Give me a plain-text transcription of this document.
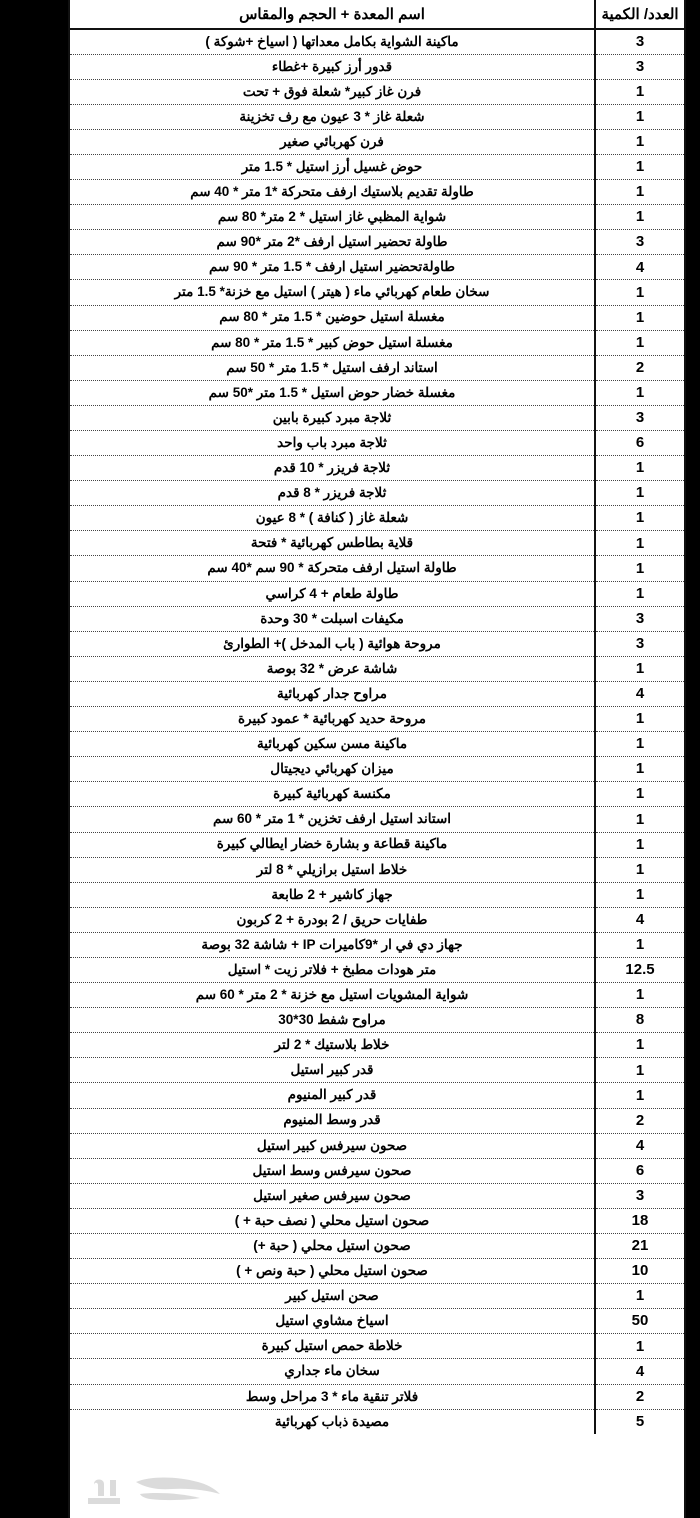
العدد/ الكمية	اسم المعدة + الحجم والمقاس
3	ماكينة الشواية بكامل معداتها ( اسياخ +شوكة )
3	قدور أرز كبيرة +غطاء
1	فرن غاز كبير* شعلة فوق + تحت
1	شعلة غاز * 3 عيون مع رف تخزينة
1	فرن كهربائي صغير
1	حوض غسيل أرز استيل * 1.5 متر
1	طاولة تقديم بلاستيك ارفف متحركة *1 متر * 40 سم
1	شواية المظبي غاز استيل * 2 متر* 80 سم
3	طاولة تحضير استيل ارفف *2 متر *90 سم
4	طاولةتحضير استيل ارفف * 1.5 متر * 90 سم
1	سخان طعام كهربائي ماء ( هيتر ) استيل مع خزنة* 1.5 متر
1	مغسلة استيل حوضين * 1.5 متر * 80 سم
1	مغسلة استيل حوض كبير * 1.5 متر * 80 سم
2	استاند ارفف استيل * 1.5 متر * 50 سم
1	مغسلة خضار حوض استيل * 1.5 متر *50 سم
3	ثلاجة مبرد كبيرة بابين
6	ثلاجة مبرد باب واحد
1	ثلاجة فريزر * 10 قدم
1	ثلاجة فريزر * 8 قدم
1	شعلة غاز ( كنافة ) * 8 عيون
1	قلاية بطاطس كهربائية * فتحة
1	طاولة استيل ارفف متحركة * 90 سم *40 سم
1	طاولة طعام + 4 كراسي
3	مكيفات اسبلت * 30 وحدة
3	مروحة هوائية ( باب المدخل )+ الطوارئ
1	شاشة عرض * 32 بوصة
4	مراوح جدار كهربائية
1	مروحة حديد كهربائية * عمود كبيرة
1	ماكينة مسن سكين كهربائية
1	ميزان كهربائي ديجيتال
1	مكنسة كهربائية كبيرة
1	استاند استيل ارفف تخزين * 1 متر * 60 سم
1	ماكينة قطاعة و بشارة خضار ايطالي كبيرة
1	خلاط استيل برازيلي * 8 لتر
1	جهاز كاشير + 2 طابعة
4	طفايات حريق / 2 بودرة + 2 كربون
1	جهاز دي في ار *9كاميرات IP + شاشة 32 بوصة
12.5	متر هودات مطبخ + فلاتر زيت * استيل
1	شواية المشويات استيل مع خزنة * 2 متر * 60 سم
8	مراوح شفط 30*30
1	خلاط بلاستيك * 2 لتر
1	قدر كبير استيل
1	قدر كبير المنيوم
2	قدر وسط المنيوم
4	صحون سيرفس كبير استيل
6	صحون سيرفس وسط استيل
3	صحون سيرفس صغير استيل
18	صحون استيل محلي ( نصف حبة + )
21	صحون استيل محلي ( حبة +)
10	صحون استيل محلي ( حبة ونص + )
1	صحن استيل كبير
50	اسياخ مشاوي استيل
1	خلاطة حمص استيل كبيرة
4	سخان ماء جداري
2	فلاتر تنقية ماء * 3 مراحل وسط
5	مصيدة ذباب كهربائية
